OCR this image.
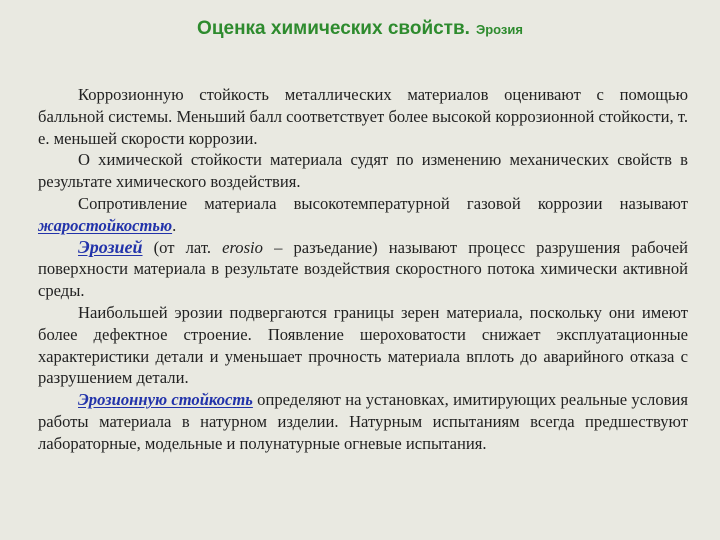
Оценка химических свойств. Эрозия

Коррозионную стойкость металлических материалов оценивают с помощью балльной системы. Меньший балл соответствует более высокой коррозионной стойкости, т. е. меньшей скорости коррозии.

О химической стойкости материала судят по изменению механических свойств в результате химического воздействия.

Сопротивление материала высокотемпературной газовой коррозии называют жаростойкостью.

Эрозией (от лат. erosio – разъедание) называют процесс разрушения рабочей поверхности материала в результате воздействия скоростного потока химически активной среды.

Наибольшей эрозии подвергаются границы зерен материала, поскольку они имеют более дефектное строение. Появление шероховатости снижает эксплуатационные характеристики детали и уменьшает прочность материала вплоть до аварийного отказа с разрушением детали.

Эрозионную стойкость определяют на установках, имитирующих реальные условия работы материала в натурном изделии. Натурным испытаниям всегда предшествуют лабораторные, модельные и полунатурные огневые испытания.
